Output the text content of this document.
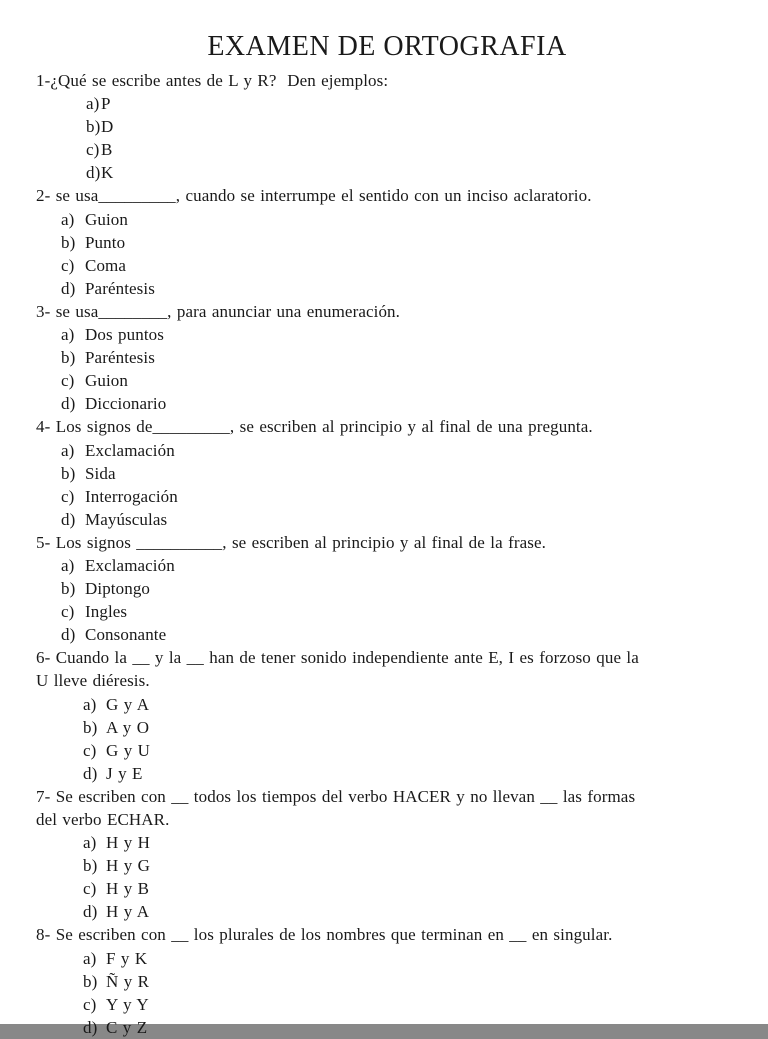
EXAMEN DE ORTOGRAFIA
1-¿Qué se escribe antes de L y R?  Den ejemplos:
a) P
b) D
c) B
d) K
2- se usa_________, cuando se interrumpe el sentido con un inciso aclaratorio.
a) Guion
b) Punto
c) Coma
d) Paréntesis
3- se usa________, para anunciar una enumeración.
a) Dos puntos
b) Paréntesis
c) Guion
d) Diccionario
4- Los signos de_________, se escriben al principio y al final de una pregunta.
a) Exclamación
b) Sida
c) Interrogación
d) Mayúsculas
5- Los signos __________, se escriben al principio y al final de la frase.
a) Exclamación
b) Diptongo
c) Ingles
d) Consonante
6- Cuando la __ y la __ han de tener sonido independiente ante E, I es forzoso que la
U lleve diéresis.
a) G y A
b) A y O
c) G y U
d) J y E
7- Se escriben con __ todos los tiempos del verbo HACER y no llevan __ las formas
del verbo ECHAR.
a) H y H
b) H y G
c) H y B
d) H y A
8- Se escriben con __ los plurales de los nombres que terminan en __ en singular.
a) F y K
b) Ñ y R
c) Y y Y
d) C y Z
